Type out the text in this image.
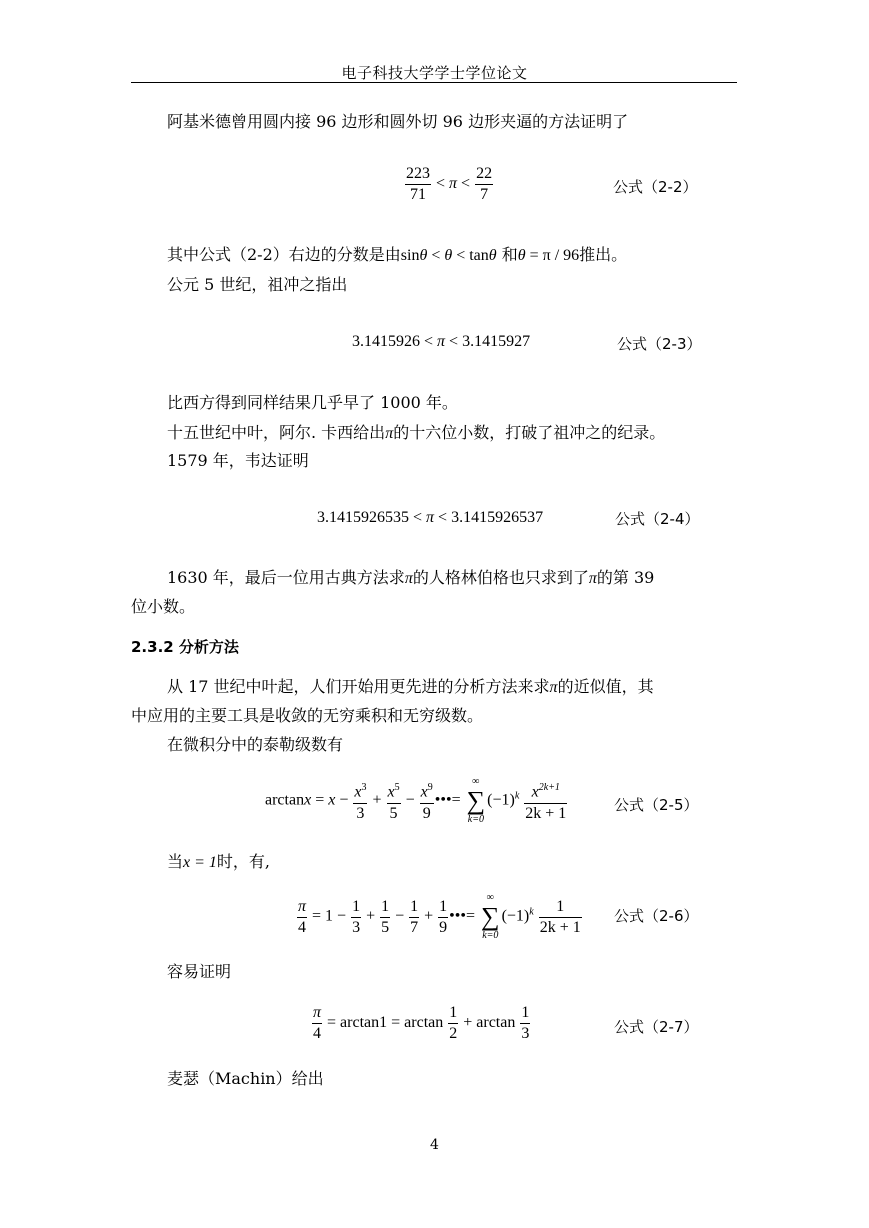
电子科技大学学士学位论文
阿基米德曾用圆内接 96 边形和圆外切 96 边形夹逼的方法证明了
$\frac{223}{71} < \pi < \frac{22}{7}$	公式（2-2）
其中公式（2-2）右边的分数是由sinθ < θ < tanθ 和θ = π / 96推出。
公元 5 世纪，祖冲之指出
3.1415926 < π < 3.1415927	公式（2-3）
比西方得到同样结果几乎早了 1000 年。
十五世纪中叶，阿尔. 卡西给出π的十六位小数，打破了祖冲之的纪录。
1579 年，韦达证明
3.1415926535 < π < 3.1415926537	公式（2-4）
1630 年，最后一位用古典方法求π的人格林伯格也只求到了π的第 39
位小数。
2.3.2 分析方法
从 17 世纪中叶起，人们开始用更先进的分析方法来求π的近似值，其
中应用的主要工具是收敛的无穷乘积和无穷级数。
在微积分中的泰勒级数有
$\arctan x = x - \frac{x^3}{3} + \frac{x^5}{5} - \frac{x^9}{9}$ •••=
∞
∑
k=0
$(-1)^k \frac{x^{2k+1}}{2k + 1}$	公式（2-5）
当x = 1时，有,
$\frac{\pi}{4} = 1 - \frac{1}{3} + \frac{1}{5} - \frac{1}{7} + \frac{1}{9}$ •••=
∞
∑
k=0
$(-1)^k \frac{1}{2k + 1}$ 公式（2-6）
容易证明
$\frac{\pi}{4} = \arctan 1 = \arctan \frac{1}{2} + \arctan \frac{1}{3}$	公式（2-7）
麦瑟（Machin）给出
4
